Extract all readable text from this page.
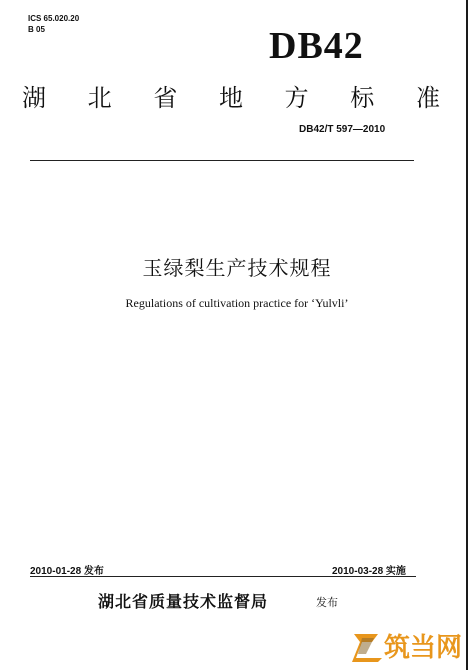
ICS 65.020.20
B 05	DB42
湖 北 省 地 方 标 准
DB42/T 597—2010
玉绿梨生产技术规程
Regulations of cultivation practice for ‘Yulvli’
2010-01-28 发布	2010-03-28 实施
湖北省质量技术监督局	发布
筑当网
